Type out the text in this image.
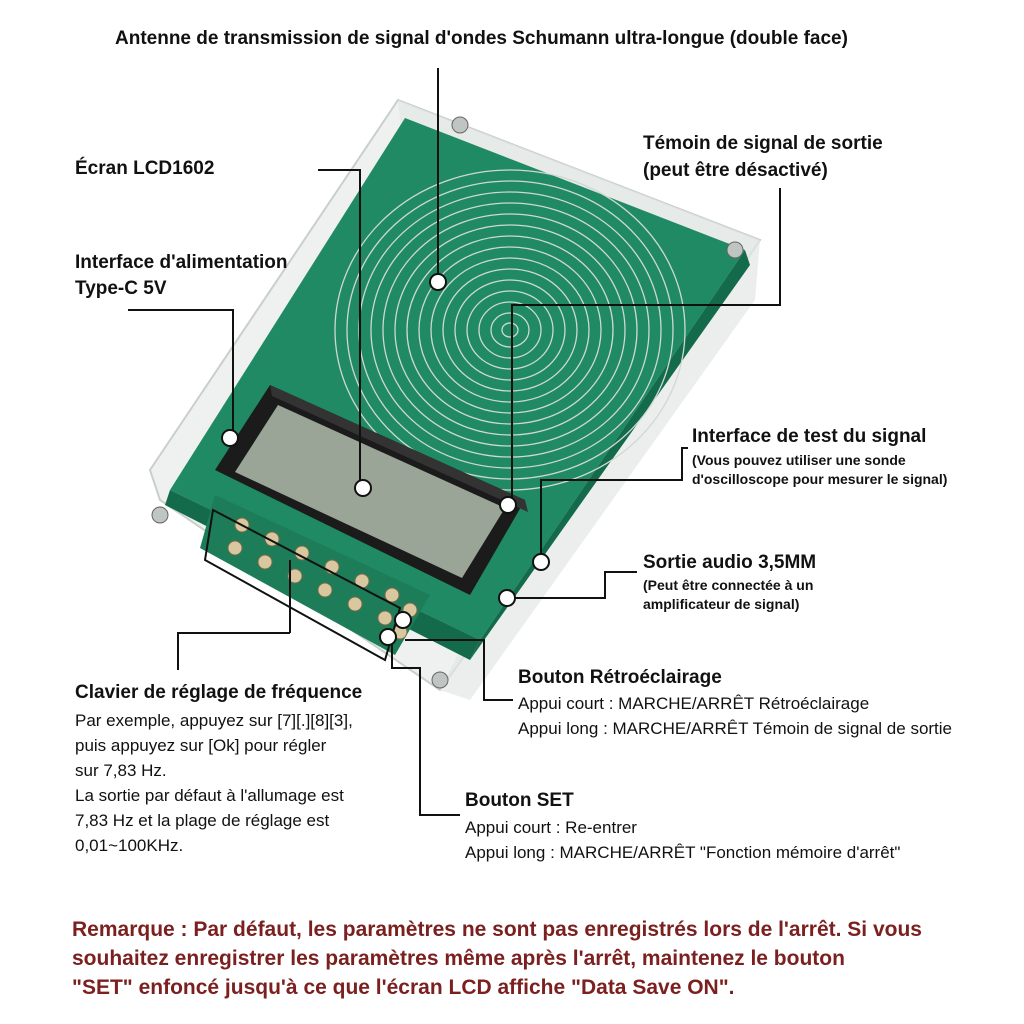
Antenne de transmission de signal d'ondes Schumann ultra-longue (double face)
Écran LCD1602
Interface d'alimentation
Type-C 5V
Témoin de signal de sortie
(peut être désactivé)
Interface de test du signal
(Vous pouvez utiliser une sonde
d'oscilloscope pour mesurer le signal)
Sortie audio 3,5MM
(Peut être connectée à un
amplificateur de signal)
Clavier de réglage de fréquence
Par exemple, appuyez sur [7][.][8][3],
puis appuyez sur [Ok] pour régler
sur 7,83 Hz.
La sortie par défaut à l'allumage est
7,83 Hz et la plage de réglage est
0,01~100KHz.
Bouton Rétroéclairage
Appui court : MARCHE/ARRÊT Rétroéclairage
Appui long : MARCHE/ARRÊT Témoin de signal de sortie
Bouton SET
Appui court : Re-entrer
Appui long : MARCHE/ARRÊT "Fonction mémoire d'arrêt"
Remarque : Par défaut, les paramètres ne sont pas enregistrés lors de l'arrêt. Si vous
souhaitez enregistrer les paramètres même après l'arrêt, maintenez le bouton
"SET" enfoncé jusqu'à ce que l'écran LCD affiche "Data Save ON".
